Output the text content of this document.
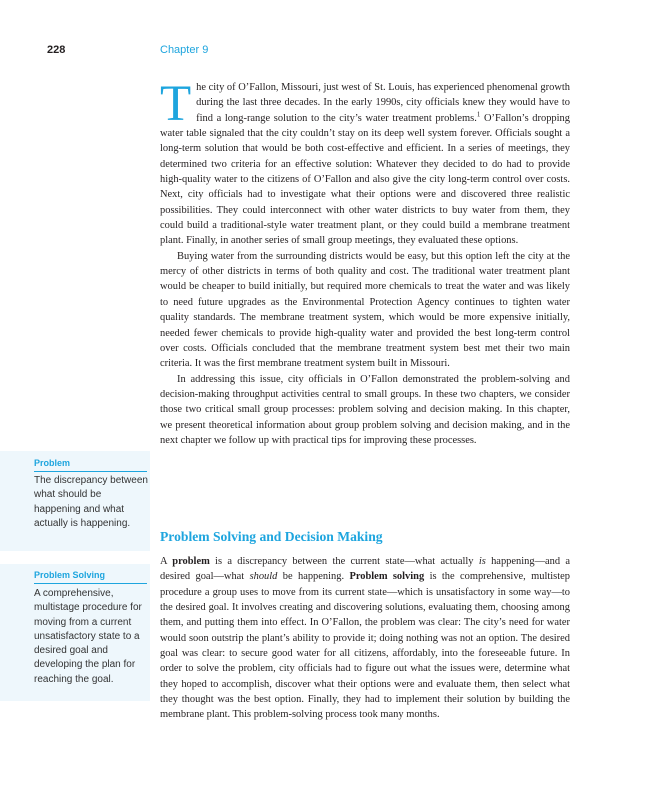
228	Chapter 9

The city of O’Fallon, Missouri, just west of St. Louis, has experienced phenomenal growth during the last three decades. In the early 1990s, city officials knew they would have to find a long-range solution to the city’s water treatment problems.$^1$ O’Fallon’s dropping water table signaled that the city couldn’t stay on its deep well system forever. Officials sought a long-term solution that would be both cost-effective and efficient. In a series of meetings, they determined two criteria for an effective solution: Whatever they decided to do had to provide high-quality water to the citizens of O’Fallon and also give the city long-term control over costs. Next, city officials had to investigate what their options were and discovered three realistic possibilities. They could interconnect with other water districts to buy water from them, they could build a traditional-style water treatment plant, or they could build a membrane treatment plant. Finally, in another series of small group meetings, they evaluated these options.

Buying water from the surrounding districts would be easy, but this option left the city at the mercy of other districts in terms of both quality and cost. The traditional water treatment plant would be cheaper to build initially, but required more chemicals to treat the water and was likely to need future upgrades as the Environmental Protection Agency continues to tighten water quality standards. The membrane treatment system, which would be more expensive initially, needed fewer chemicals to provide high-quality water and provided the best long-term control over costs. Officials concluded that the membrane treatment system best met their two main criteria. It was the first membrane treatment system built in Missouri.

In addressing this issue, city officials in O’Fallon demonstrated the problem-solving and decision-making throughput activities central to small groups. In these two chapters, we consider those two critical small group processes: problem solving and decision making. In this chapter, we present theoretical information about group problem solving and decision making, and in the next chapter we follow up with practical tips for improving these processes.

Problem Solving and Decision Making

A problem is a discrepancy between the current state—what actually is happening—and a desired goal—what should be happening. Problem solving is the comprehensive, multistep procedure a group uses to move from its current state—which is unsatisfactory in some way—to the desired goal. It involves creating and discovering solutions, evaluating them, choosing among them, and putting them into effect. In O’Fallon, the problem was clear: The city’s need for water would soon outstrip the plant’s ability to provide it; doing nothing was not an option. The desired goal was clear: to secure good water for all citizens, affordably, into the foreseeable future. In order to solve the problem, city officials had to figure out what the issues were, determine what they hoped to accomplish, discover what their options were and evaluate them, then select what they thought was the best option. Finally, they had to implement their solution by building the membrane plant. This problem-solving process took many months.

Problem
The discrepancy between what should be happening and what actually is happening.
Problem Solving
A comprehensive, multistage procedure for moving from a current unsatisfactory state to a desired goal and developing the plan for reaching the goal.
